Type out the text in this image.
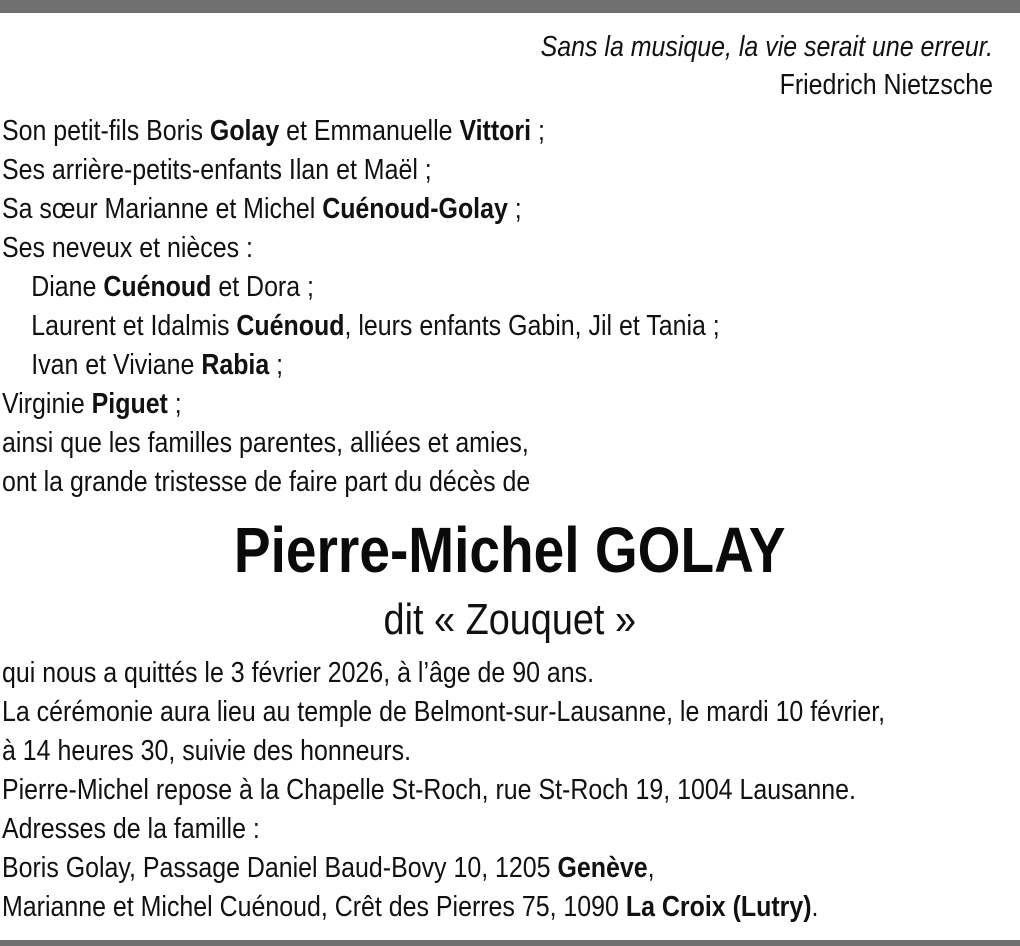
Sans la musique, la vie serait une erreur.
Friedrich Nietzsche
Son petit-fils Boris Golay et Emmanuelle Vittori ;
Ses arrière-petits-enfants Ilan et Maël ;
Sa sœur Marianne et Michel Cuénoud-Golay ;
Ses neveux et nièces :
Diane Cuénoud et Dora ;
Laurent et Idalmis Cuénoud, leurs enfants Gabin, Jil et Tania ;
Ivan et Viviane Rabia ;
Virginie Piguet ;
ainsi que les familles parentes, alliées et amies,
ont la grande tristesse de faire part du décès de
Pierre-Michel GOLAY
dit « Zouquet »
qui nous a quittés le 3 février 2026, à l’âge de 90 ans.
La cérémonie aura lieu au temple de Belmont-sur-Lausanne, le mardi 10 février,
à 14 heures 30, suivie des honneurs.
Pierre-Michel repose à la Chapelle St-Roch, rue St-Roch 19, 1004 Lausanne.
Adresses de la famille :
Boris Golay, Passage Daniel Baud-Bovy 10, 1205 Genève,
Marianne et Michel Cuénoud, Crêt des Pierres 75, 1090 La Croix (Lutry).
